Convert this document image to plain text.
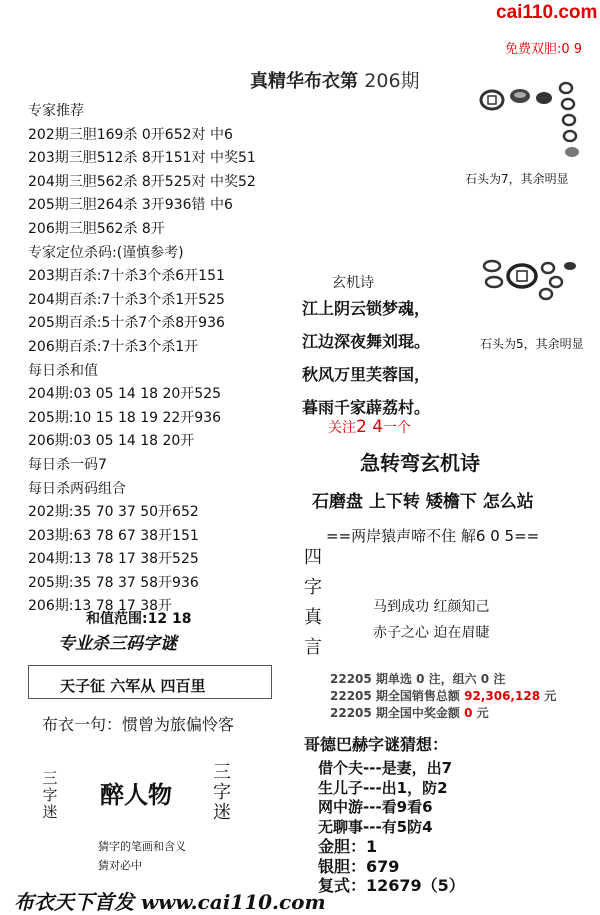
cai110.com
免费双胆:0 9
真精华布衣第 206期
专家推荐
202期三胆169杀 0开652对 中6
203期三胆512杀 8开151对 中奖51
204期三胆562杀 8开525对 中奖52
205期三胆264杀 3开936错 中6
206期三胆562杀 8开
专家定位杀码:(谨慎参考)
203期百杀:7十杀3个杀6开151
204期百杀:7十杀3个杀1开525
205期百杀:5十杀7个杀8开936
206期百杀:7十杀3个杀1开
每日杀和值
204期:03 05 14 18 20开525
205期:10 15 18 19 22开936
206期:03 05 14 18 20开
每日杀一码7
每日杀两码组合
202期:35 70 37 50开652
203期:63 78 67 38开151
204期:13 78 17 38开525
205期:35 78 37 58开936
206期:13 78 17 38开
和值范围:12 18
专业杀三码字谜
天子征 六军从 四百里
布衣一句：惯曾为旅偏怜客
三字迷
醉人物
三字迷
猜字的笔画和含义
猜对必中
布衣天下首发 www.cai110.com
石头为7，其余明显
石头为5，其余明显
玄机诗
江上阴云锁梦魂，
江边深夜舞刘琨。
秋风万里芙蓉国，
暮雨千家薜荔村。
关注2 4一个
急转弯玄机诗
石磨盘 上下转 矮檐下 怎么站
==两岸猿声啼不住 解6 0 5==
四字真言
马到成功 红颜知己
赤子之心 迫在眉睫
22205 期单选 0 注，组六 0 注
22205 期全国销售总额 92,306,128 元
22205 期全国中奖金额 0 元
哥德巴赫字谜猜想：
借个夫---是妻，出7
生儿子---出1，防2
网中游---看9看6
无聊事---有5防4
金胆：1
银胆：679
复式：12679（5）
